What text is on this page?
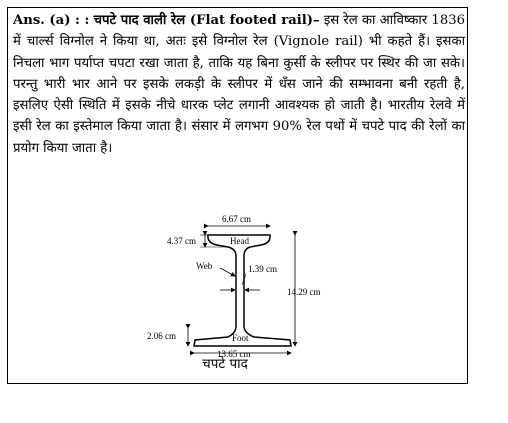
Ans. (a) : : चपटे पाद वाली रेल (Flat footed rail)– इस रेल का आविष्कार 1836 में चार्ल्स विग्नोल ने किया था, अतः इसे विग्नोल रेल (Vignole rail) भी कहते हैं। इसका निचला भाग पर्याप्त चपटा रखा जाता है, ताकि यह बिना कुर्सी के स्लीपर पर स्थिर की जा सके। परन्तु भारी भार आने पर इसके लकड़ी के स्लीपर में धँस जाने की सम्भावना बनी रहती है, इसलिए ऐसी स्थिति में इसके नीचे धारक प्लेट लगानी आवश्यक हो जाती है। भारतीय रेलवे में इसी रेल का इस्तेमाल किया जाता है। संसार में लगभग 90% रेल पथों में चपटे पाद की रेलों का प्रयोग किया जाता है।

6.67 cm
4.37 cm	Head
Web	1.39 cm
14.29 cm
2.06 cm	Foot
13.65 cm
चपटे पाद
